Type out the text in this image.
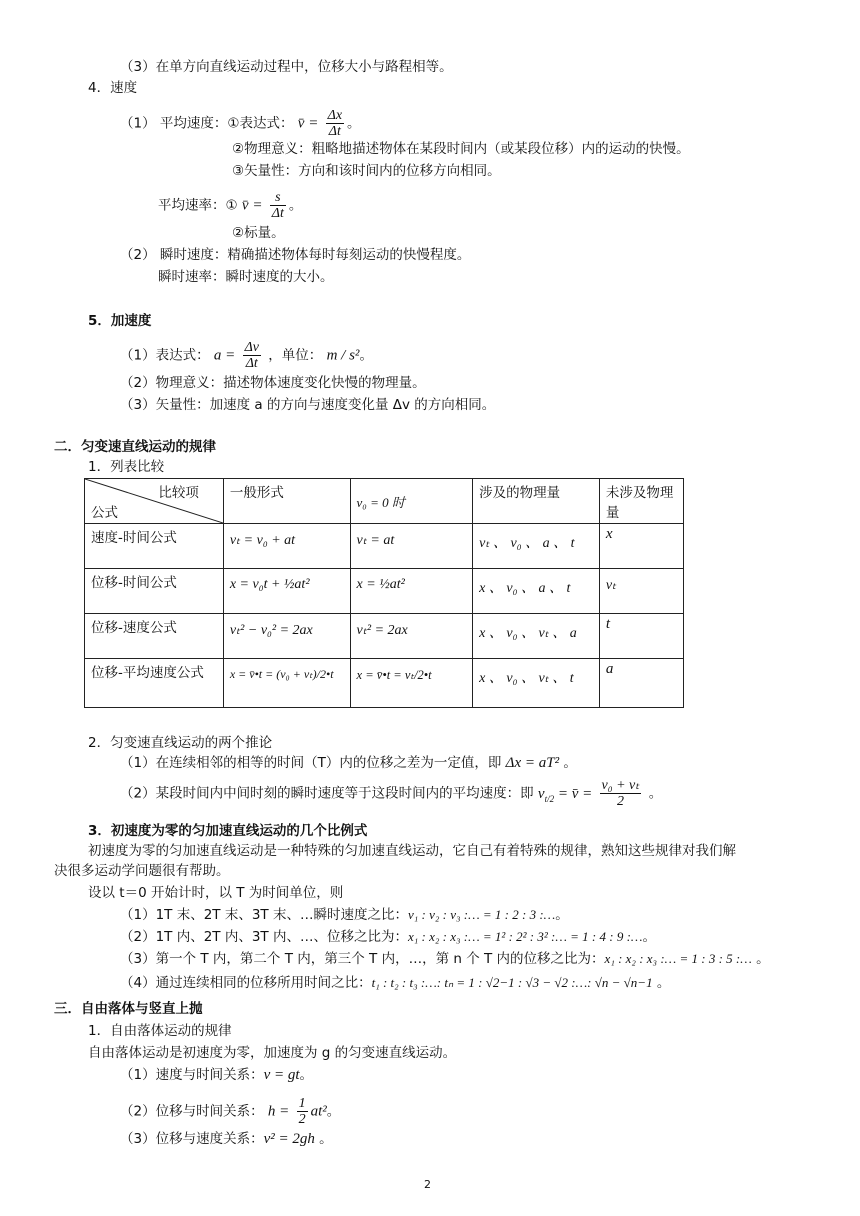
（3）在单方向直线运动过程中，位移大小与路程相等。
4．速度
（1） 平均速度：①表达式： v̄ = $\frac{\Delta x}{\Delta t}$ 。
②物理意义：粗略地描述物体在某段时间内（或某段位移）内的运动的快慢。
③矢量性：方向和该时间内的位移方向相同。
平均速率：① v̄ = $\frac{s}{\Delta t}$ 。
②标量。
（2） 瞬时速度：精确描述物体每时每刻运动的快慢程度。
瞬时速率：瞬时速度的大小。
5．加速度
（1）表达式： $a = \frac{\Delta v}{\Delta t}$ ，单位： m / s²。
（2）物理意义：描述物体速度变化快慢的物理量。
（3）矢量性：加速度 a 的方向与速度变化量 Δv 的方向相同。
二．匀变速直线运动的规律
1．列表比较
比较项
公式	一般形式	v₀ = 0 时	涉及的物理量	未涉及物理量
速度-时间公式	vₜ = v₀ + at	vₜ = at	vₜ 、 v₀ 、 a 、 t	x
位移-时间公式	x = v₀t + ½at²	x = ½at²	x 、 v₀ 、 a 、 t	vₜ

位移-速度公式	vₜ² − v₀² = 2ax	vₜ² = 2ax	x 、 v₀ 、 vₜ 、 a	t
位移-平均速度公式	x = v̄•t = (v₀ + vₜ)/2•t	x = v̄•t = vₜ/2•t	x 、 v₀ 、 vₜ 、 t	a
2．匀变速直线运动的两个推论
（1）在连续相邻的相等的时间（T）内的位移之差为一定值，即 Δx = aT² 。
（2）某段时间内中间时刻的瞬时速度等于这段时间内的平均速度：即 $v_{t/2}$ = v̄ = $\frac{\text{v₀ + vₜ}}{2}$ 。
3．初速度为零的匀加速直线运动的几个比例式
初速度为零的匀加速直线运动是一种特殊的匀加速直线运动，它自己有着特殊的规律，熟知这些规律对我们解
决很多运动学问题很有帮助。
设以 t＝0 开始计时，以 T 为时间单位，则
（1）1T 末、2T 末、3T 末、…瞬时速度之比：v₁ : v₂ : v₃ :… = 1 : 2 : 3 :…。
（2）1T 内、2T 内、3T 内、…、位移之比为：x₁ : x₂ : x₃ :… = 1² : 2² : 3² :… = 1 : 4 : 9 :…。
（3）第一个 T 内，第二个 T 内，第三个 T 内，…，第 n 个 T 内的位移之比为：x₁ : x₂ : x₃ :… = 1 : 3 : 5 :… 。
（4）通过连续相同的位移所用时间之比：t₁ : t₂ : t₃ :…: tₙ = 1 : √2−1 : √3 − √2 :…: √n − √n−1 。
三．自由落体与竖直上抛
1．自由落体运动的规律
自由落体运动是初速度为零，加速度为 g 的匀变速直线运动。
（1）速度与时间关系：v = gt。
（2）位移与时间关系： $h = \frac{1}{2} at^2$。
（3）位移与速度关系：v² = 2gh 。
2
